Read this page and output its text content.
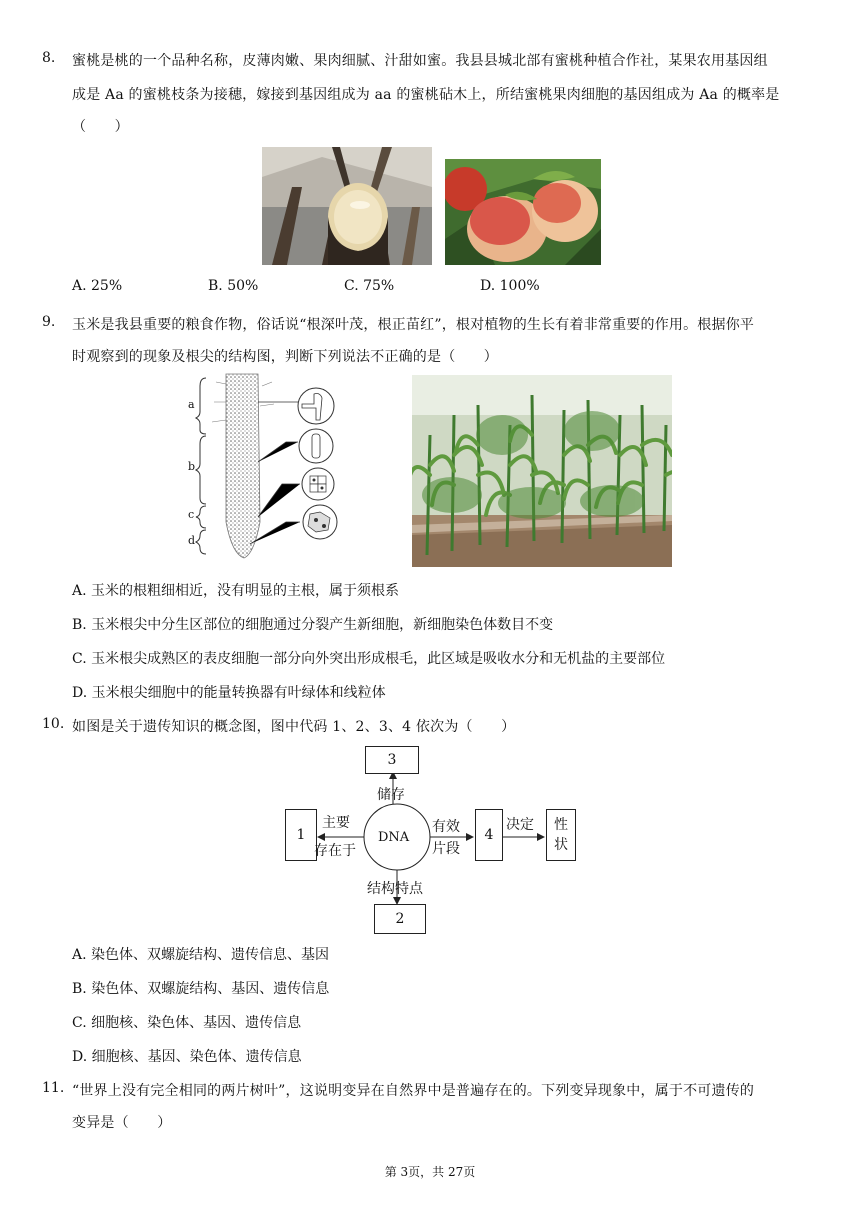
8. 蜜桃是桃的一个品种名称，皮薄肉嫩、果肉细腻、汁甜如蜜。我县县城北部有蜜桃种植合作社，某果农用基因组
成是 Aa 的蜜桃枝条为接穗，嫁接到基因组成为 aa 的蜜桃砧木上，所结蜜桃果肉细胞的基因组成为 Aa 的概率是
（　　）
A. 25%	B. 50%	C. 75%	D. 100%
9. 玉米是我县重要的粮食作物，俗话说“根深叶茂，根正苗红”，根对植物的生长有着非常重要的作用。根据你平
时观察到的现象及根尖的结构图，判断下列说法不正确的是（　　）
a
b
c
d
A. 玉米的根粗细相近，没有明显的主根，属于须根系
B. 玉米根尖中分生区部位的细胞通过分裂产生新细胞，新细胞染色体数目不变
C. 玉米根尖成熟区的表皮细胞一部分向外突出形成根毛，此区域是吸收水分和无机盐的主要部位
D. 玉米根尖细胞中的能量转换器有叶绿体和线粒体
10. 如图是关于遗传知识的概念图，图中代码 1、2、3、4 依次为（　　）
3
1	4
性
状
2
DNA
储存
主要
存在于
有效
片段
决定
结构特点
A. 染色体、双螺旋结构、遗传信息、基因
B. 染色体、双螺旋结构、基因、遗传信息
C. 细胞核、染色体、基因、遗传信息
D. 细胞核、基因、染色体、遗传信息
11. “世界上没有完全相同的两片树叶”，这说明变异在自然界中是普遍存在的。下列变异现象中，属于不可遗传的
变异是（　　）
第 3页，共 27页
